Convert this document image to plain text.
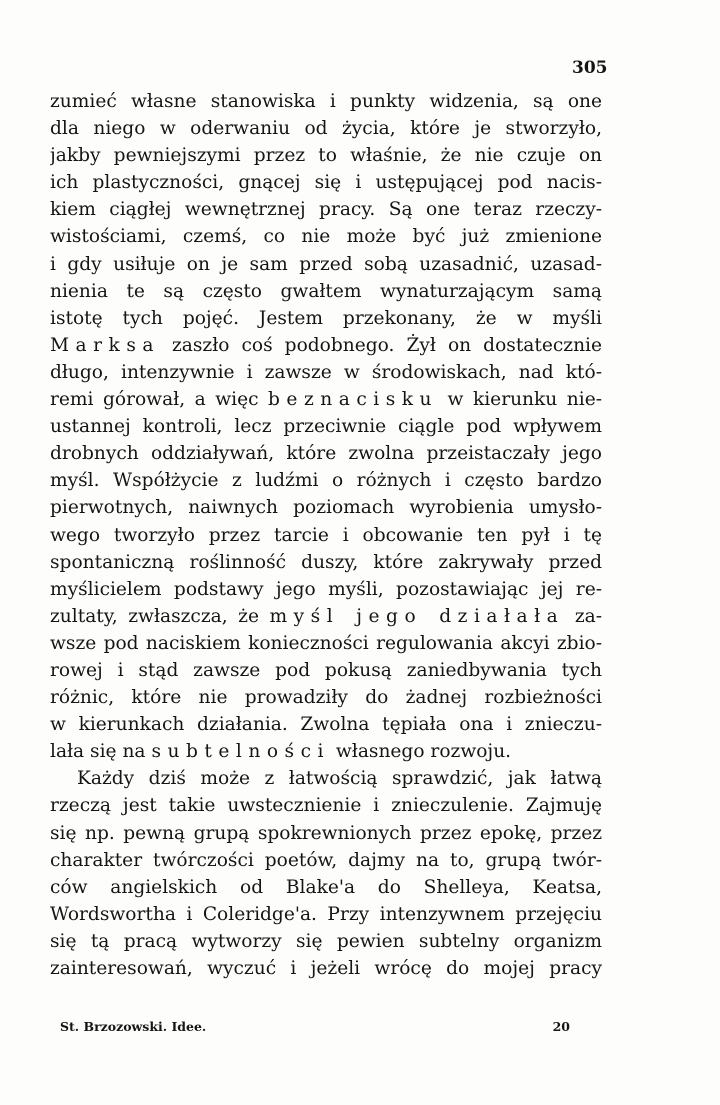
305
zumieć własne stanowiska i punkty widzenia, są one
dla niego w oderwaniu od życia, które je stworzyło,
jakby pewniejszymi przez to właśnie, że nie czuje on
ich plastyczności, gnącej się i ustępującej pod nacis-
kiem ciągłej wewnętrznej pracy. Są one teraz rzeczy-
wistościami, czemś, co nie może być już zmienione
i gdy usiłuje on je sam przed sobą uzasadnić, uzasad-
nienia te są często gwałtem wynaturzającym samą
istotę tych pojęć. Jestem przekonany, że w myśli
Marksa zaszło coś podobnego. Żył on dostatecznie
długo, intenzywnie i zawsze w środowiskach, nad któ-
remi górował, a więc beznacisku w kierunku nie-
ustannej kontroli, lecz przeciwnie ciągle pod wpływem
drobnych oddziaływań, które zwolna przeistaczały jego
myśl. Współżycie z ludźmi o różnych i często bardzo
pierwotnych, naiwnych poziomach wyrobienia umysło-
wego tworzyło przez tarcie i obcowanie ten pył i tę
spontaniczną roślinność duszy, które zakrywały przed
myślicielem podstawy jego myśli, pozostawiając jej re-
zultaty, zwłaszcza, że myśl jego działała za-
wsze pod naciskiem konieczności regulowania akcyi zbio-
rowej i stąd zawsze pod pokusą zaniedbywania tych
różnic, które nie prowadziły do żadnej rozbieżności
w kierunkach działania. Zwolna tępiała ona i znieczu-
lała się na subtelności własnego rozwoju.
Każdy dziś może z łatwością sprawdzić, jak łatwą
rzeczą jest takie uwstecznienie i znieczulenie. Zajmuję
się np. pewną grupą spokrewnionych przez epokę, przez
charakter twórczości poetów, dajmy na to, grupą twór-
ców angielskich od Blake'a do Shelleya, Keatsa,
Wordswortha i Coleridge'a. Przy intenzywnem przejęciu
się tą pracą wytworzy się pewien subtelny organizm
zainteresowań, wyczuć i jeżeli wrócę do mojej pracy
St. Brzozowski. Idee.	20
